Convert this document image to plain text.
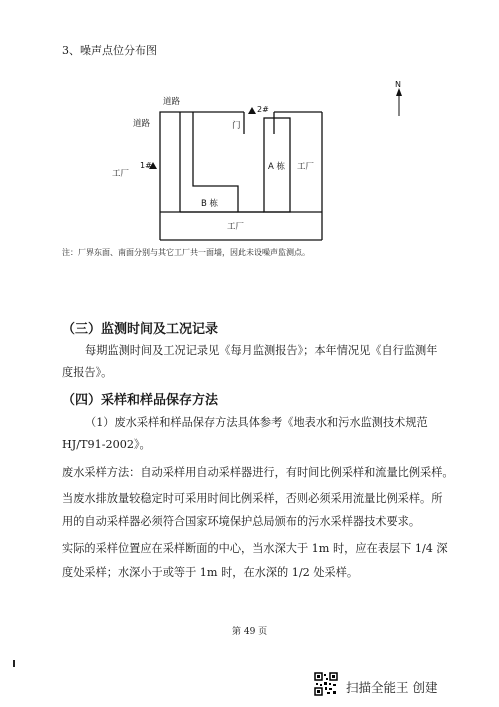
3、噪声点位分布图
道路
道路
工厂
门
2#
1#	A 栋 工厂
B 栋
工厂
N
注：厂界东面、南面分别与其它工厂共一面墙，因此未设噪声监测点。
（三）监测时间及工况记录
每期监测时间及工况记录见《每月监测报告》；本年情况见《自行监测年
度报告》。
（四）采样和样品保存方法
（1）废水采样和样品保存方法具体参考《地表水和污水监测技术规范
HJ/T91-2002》。
废水采样方法：自动采样用自动采样器进行，有时间比例采样和流量比例采样。
当废水排放量较稳定时可采用时间比例采样，否则必须采用流量比例采样。所
用的自动采样器必须符合国家环境保护总局颁布的污水采样器技术要求。
实际的采样位置应在采样断面的中心，当水深大于 1m 时，应在表层下 1/4 深
度处采样；水深小于或等于 1m 时，在水深的 1/2 处采样。
第 49 页
扫描全能王 创建
